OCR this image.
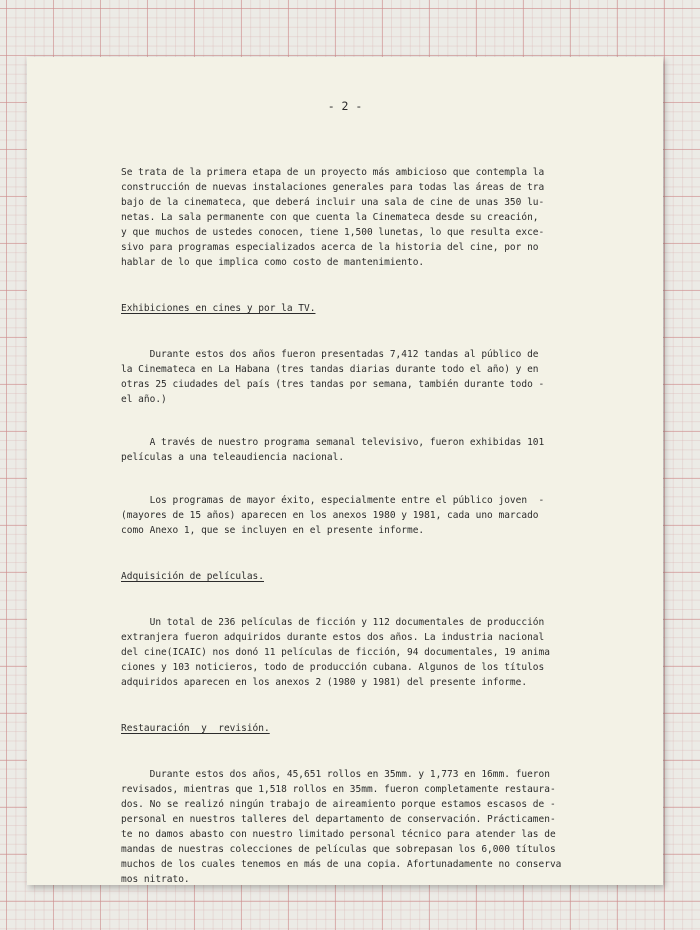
- 2 -

Se trata de la primera etapa de un proyecto más ambicioso que contempla la
construcción de nuevas instalaciones generales para todas las áreas de tra
bajo de la cinemateca, que deberá incluir una sala de cine de unas 350 lu-
netas. La sala permanente con que cuenta la Cinemateca desde su creación,
y que muchos de ustedes conocen, tiene 1,500 lunetas, lo que resulta exce-
sivo para programas especializados acerca de la historia del cine, por no
hablar de lo que implica como costo de mantenimiento.

Exhibiciones en cines y por la TV.

Durante estos dos años fueron presentadas 7,412 tandas al público de
la Cinemateca en La Habana (tres tandas diarias durante todo el año) y en
otras 25 ciudades del país (tres tandas por semana, también durante todo -
el año.)

A través de nuestro programa semanal televisivo, fueron exhibidas 101
películas a una teleaudiencia nacional.

Los programas de mayor éxito, especialmente entre el público joven  -
(mayores de 15 años) aparecen en los anexos 1980 y 1981, cada uno marcado
como Anexo 1, que se incluyen en el presente informe.

Adquisición de películas.

Un total de 236 películas de ficción y 112 documentales de producción
extranjera fueron adquiridos durante estos dos años. La industria nacional
del cine(ICAIC) nos donó 11 películas de ficción, 94 documentales, 19 anima
ciones y 103 noticieros, todo de producción cubana. Algunos de los títulos
adquiridos aparecen en los anexos 2 (1980 y 1981) del presente informe.

Restauración  y  revisión.

Durante estos dos años, 45,651 rollos en 35mm. y 1,773 en 16mm. fueron
revisados, mientras que 1,518 rollos en 35mm. fueron completamente restaura-
dos. No se realizó ningún trabajo de aireamiento porque estamos escasos de -
personal en nuestros talleres del departamento de conservación. Prácticamen-
te no damos abasto con nuestro limitado personal técnico para atender las de
mandas de nuestras colecciones de películas que sobrepasan los 6,000 títulos
muchos de los cuales tenemos en más de una copia. Afortunadamente no conserva
mos nitrato.
